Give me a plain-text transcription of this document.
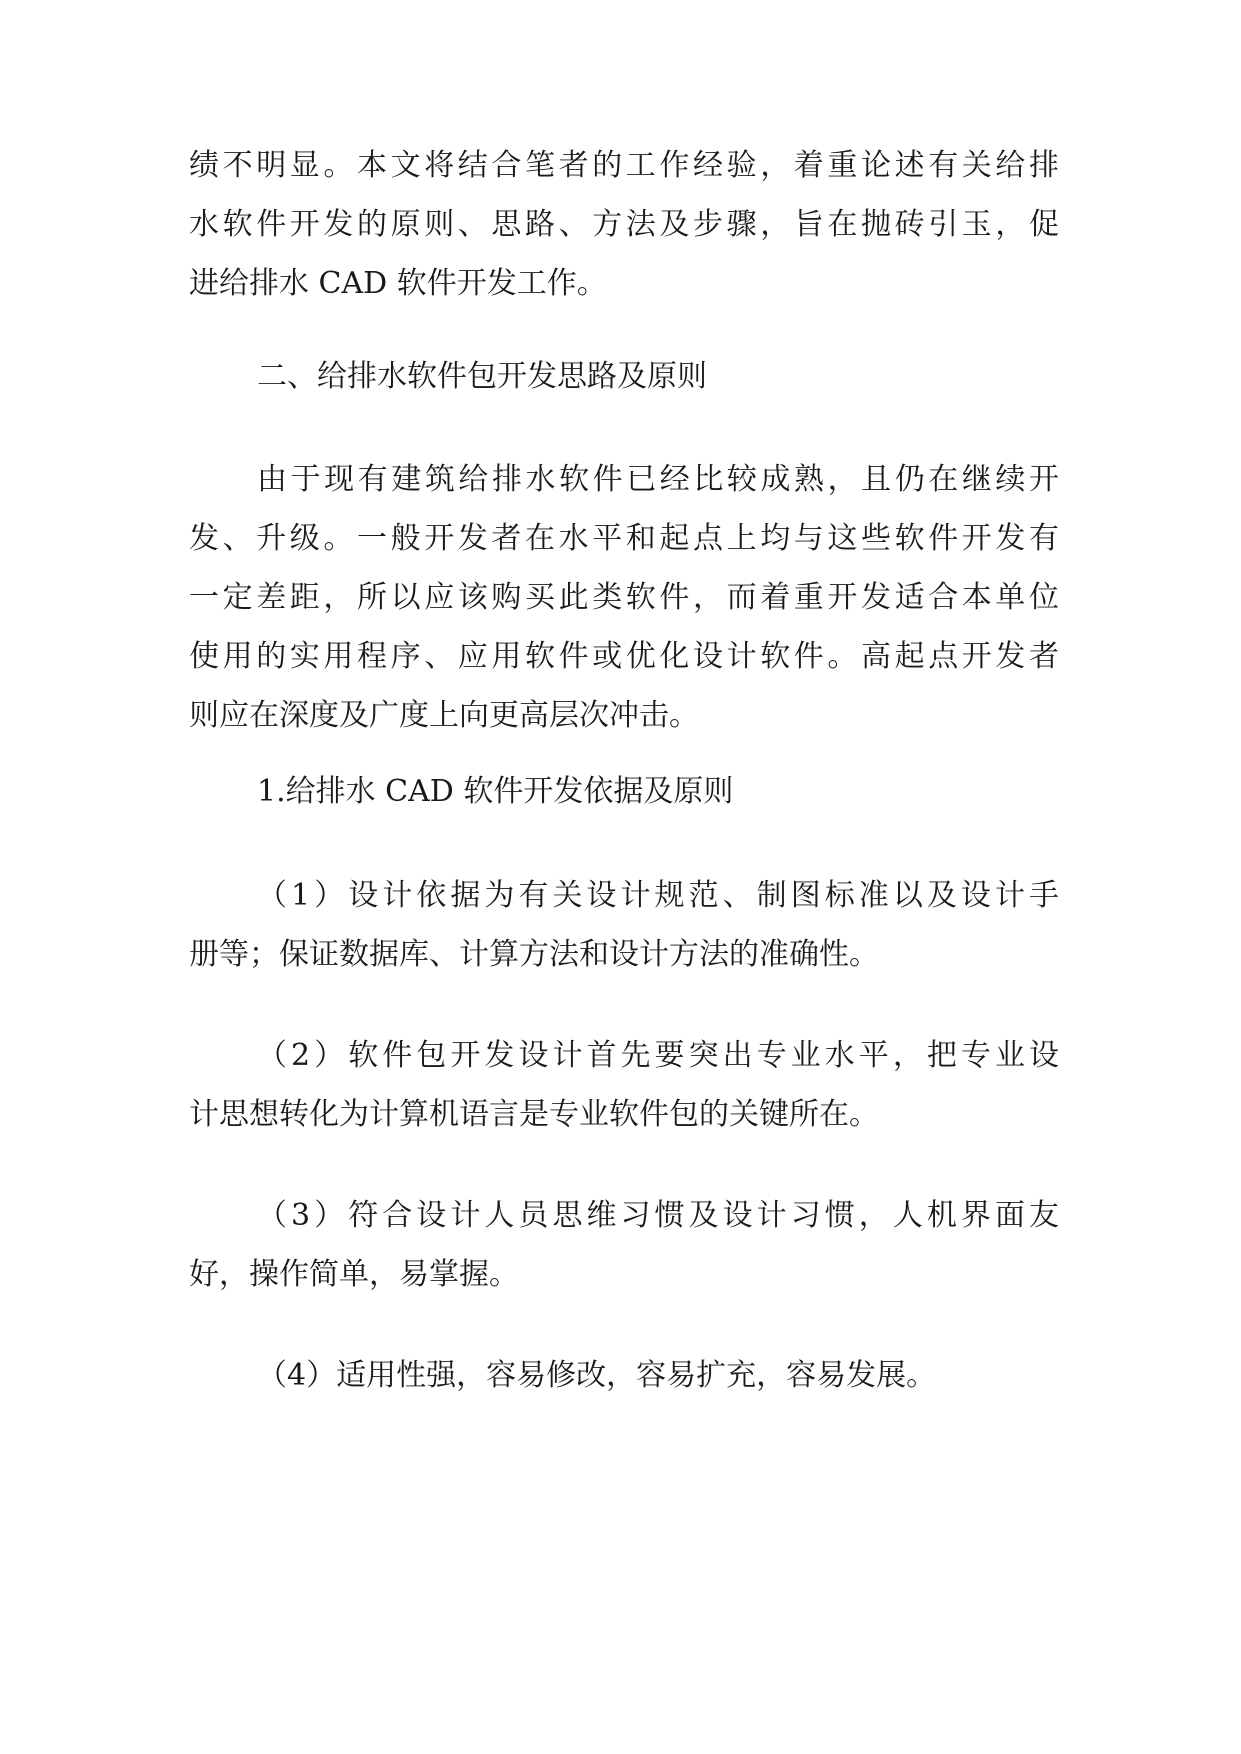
绩不明显。本文将结合笔者的工作经验，着重论述有关给排
水软件开发的原则、思路、方法及步骤，旨在抛砖引玉，促
进给排水 CAD 软件开发工作。
二、给排水软件包开发思路及原则
由于现有建筑给排水软件已经比较成熟，且仍在继续开
发、升级。一般开发者在水平和起点上均与这些软件开发有
一定差距，所以应该购买此类软件，而着重开发适合本单位
使用的实用程序、应用软件或优化设计软件。高起点开发者
则应在深度及广度上向更高层次冲击。
1.给排水 CAD 软件开发依据及原则
（1）设计依据为有关设计规范、制图标准以及设计手
册等；保证数据库、计算方法和设计方法的准确性。
（2）软件包开发设计首先要突出专业水平，把专业设
计思想转化为计算机语言是专业软件包的关键所在。
（3）符合设计人员思维习惯及设计习惯，人机界面友
好，操作简单，易掌握。
（4）适用性强，容易修改，容易扩充，容易发展。
